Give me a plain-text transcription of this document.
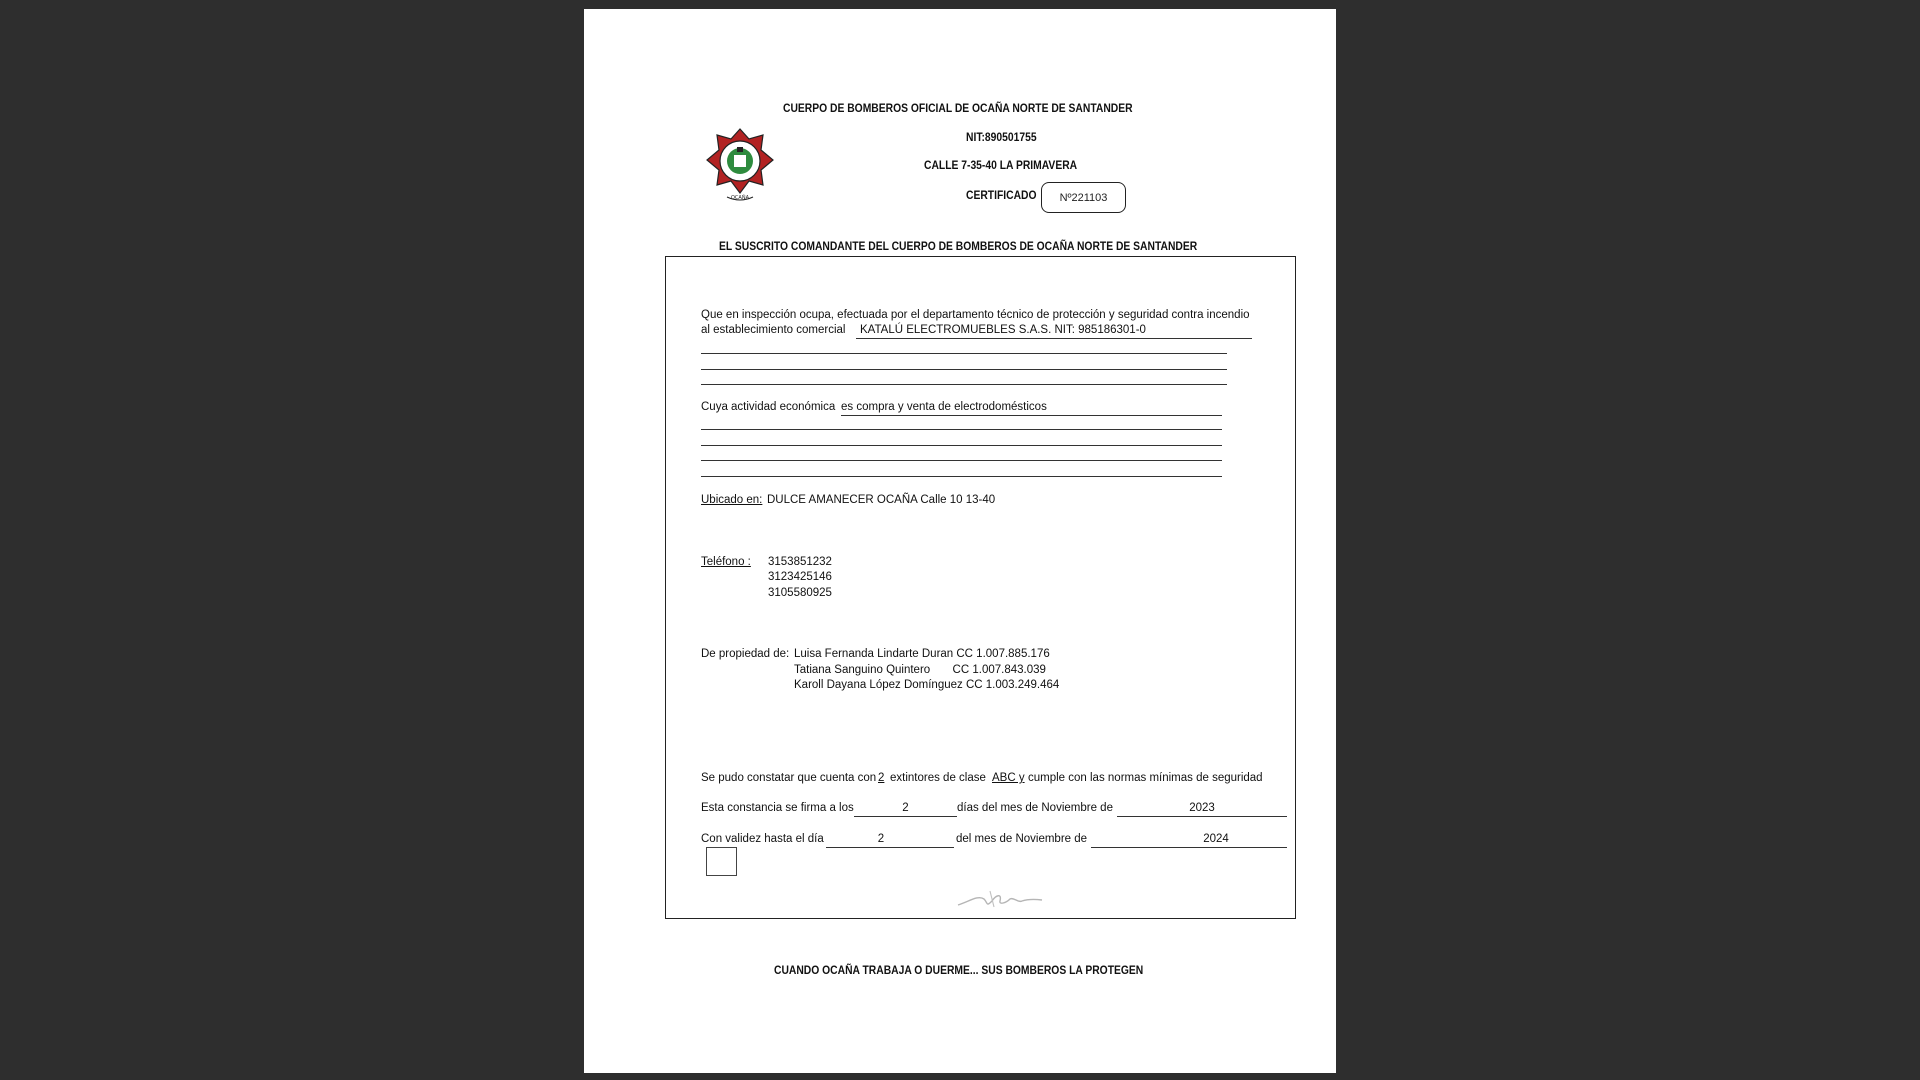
CUERPO DE BOMBEROS OFICIAL DE OCAÑA NORTE DE SANTANDER
NIT:890501755
CALLE 7-35-40 LA PRIMAVERA
CERTIFICADO Nº221103
OCAÑA
EL SUSCRITO COMANDANTE DEL CUERPO DE BOMBEROS DE OCAÑA NORTE DE SANTANDER
Que en inspección ocupa, efectuada por el departamento técnico de protección y seguridad contra incendio
al establecimiento comercial KATALÚ ELECTROMUEBLES S.A.S. NIT: 985186301-0
Cuya actividad económica es compra y venta de electrodomésticos
Ubicado en: DULCE AMANECER OCAÑA Calle 10 13-40
Teléfono : 3153851232
3123425146
3105580925
De propiedad de: Luisa Fernanda Lindarte Duran CC 1.007.885.176
Tatiana Sanguino Quintero       CC 1.007.843.039
Karoll Dayana López Domínguez CC 1.003.249.464
Se pudo constatar que cuenta con 2 extintores de clase ABC y cumple con las normas mínimas de seguridad
Esta constancia se firma a los	2	días del mes de Noviembre de	2023
Con validez hasta el día	2	del mes de Noviembre de	2024
CUANDO OCAÑA TRABAJA O DUERME... SUS BOMBEROS LA PROTEGEN
